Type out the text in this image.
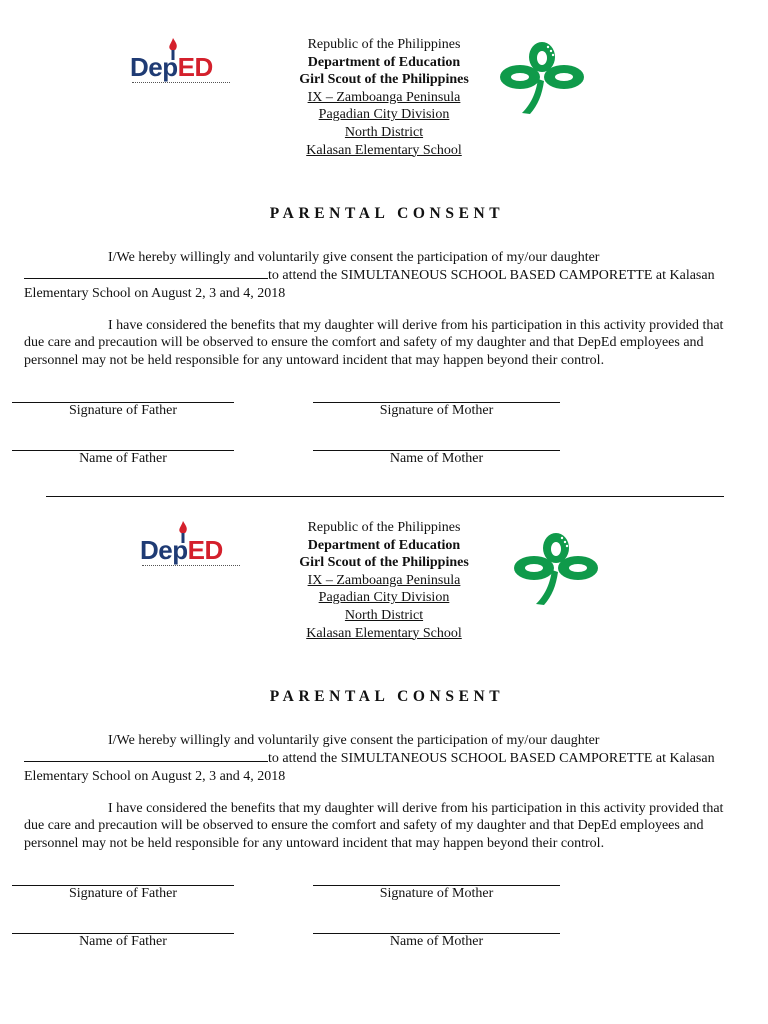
DepED
Republic of the Philippines
Department of Education
Girl Scout of the Philippines
IX – Zamboanga Peninsula
Pagadian City Division
North District
Kalasan Elementary School
PARENTAL CONSENT
I/We hereby willingly and voluntarily give consent the participation of my/our daughter
to attend the SIMULTANEOUS SCHOOL BASED CAMPORETTE at Kalasan Elementary School on August 2, 3 and 4, 2018
I have considered the benefits that my daughter will derive from his participation in this activity provided that due care and precaution will be observed to ensure the comfort and safety of my daughter and that DepEd employees and personnel may not be held responsible for any untoward incident that may happen beyond their control.
Signature of Father	Signature of Mother
Name of Father	Name of Mother
DepED
Republic of the Philippines
Department of Education
Girl Scout of the Philippines
IX – Zamboanga Peninsula
Pagadian City Division
North District
Kalasan Elementary School
PARENTAL CONSENT
I/We hereby willingly and voluntarily give consent the participation of my/our daughter
to attend the SIMULTANEOUS SCHOOL BASED CAMPORETTE at Kalasan Elementary School on August 2, 3 and 4, 2018
I have considered the benefits that my daughter will derive from his participation in this activity provided that due care and precaution will be observed to ensure the comfort and safety of my daughter and that DepEd employees and personnel may not be held responsible for any untoward incident that may happen beyond their control.
Signature of Father	Signature of Mother
Name of Father	Name of Mother
